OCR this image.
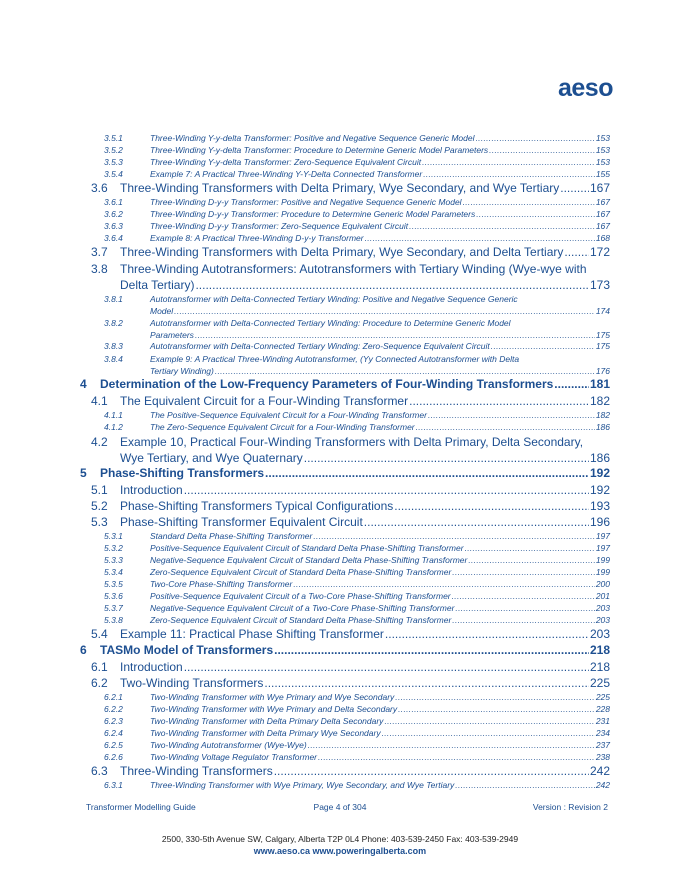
aeso
3.5.1	Three-Winding Y-y-delta Transformer: Positive and Negative Sequence Generic Model .....	153
3.5.2	Three-Winding Y-y-delta Transformer: Procedure to Determine Generic Model Parameters .....	153
3.5.3	Three-Winding Y-y-delta Transformer: Zero-Sequence Equivalent Circuit .....	153
3.5.4	Example 7: A Practical Three-Winding Y-Y-Delta Connected Transformer .....	155
3.6	Three-Winding Transformers with Delta Primary, Wye Secondary, and Wye Tertiary .....	167
3.6.1	Three-Winding D-y-y Transformer: Positive and Negative Sequence Generic Model .....	167
3.6.2	Three-Winding D-y-y Transformer: Procedure to Determine Generic Model Parameters .....	167
3.6.3	Three-Winding D-y-y Transformer: Zero-Sequence Equivalent Circuit .....	167
3.6.4	Example 8: A Practical Three-Winding D-y-y Transformer .....	168
3.7	Three-Winding Transformers with Delta Primary, Wye Secondary, and Delta Tertiary ..... 172
3.8 Three-Winding Autotransformers: Autotransformers with Tertiary Winding (Wye-wye with
Delta Tertiary) .....	173
3.8.1	Autotransformer with Delta-Connected Tertiary Winding: Positive and Negative Sequence Generic
Model .....	174
3.8.2	Autotransformer with Delta-Connected Tertiary Winding: Procedure to Determine Generic Model
Parameters .....	175
3.8.3	Autotransformer with Delta-Connected Tertiary Winding: Zero-Sequence Equivalent Circuit .....	175
3.8.4	Example 9: A Practical Three-Winding Autotransformer, (Yy Connected Autotransformer with Delta
Tertiary Winding) .....	176
4	Determination of the Low-Frequency Parameters of Four-Winding Transformers .....	181
4.1	The Equivalent Circuit for a Four-Winding Transformer .....	182
4.1.1	The Positive-Sequence Equivalent Circuit for a Four-Winding Transformer .....	182
4.1.2	The Zero-Sequence Equivalent Circuit for a Four-Winding Transformer .....	186
4.2 Example 10, Practical Four-Winding Transformers with Delta Primary, Delta Secondary,
Wye Tertiary, and Wye Quaternary .....	186
5	Phase-Shifting Transformers .....	192
5.1	Introduction .....	192
5.2	Phase-Shifting Transformers Typical Configurations .....	193
5.3	Phase-Shifting Transformer Equivalent Circuit .....	196
5.3.1	Standard Delta Phase-Shifting Transformer .....	197
5.3.2	Positive-Sequence Equivalent Circuit of Standard Delta Phase-Shifting Transformer .....	197
5.3.3	Negative-Sequence Equivalent Circuit of Standard Delta Phase-Shifting Transformer .....	199
5.3.4	Zero-Sequence Equivalent Circuit of Standard Delta Phase-Shifting Transformer .....	199
5.3.5	Two-Core Phase-Shifting Transformer .....	200
5.3.6	Positive-Sequence Equivalent Circuit of a Two-Core Phase-Shifting Transformer .....	201
5.3.7	Negative-Sequence Equivalent Circuit of a Two-Core Phase-Shifting Transformer .....	203
5.3.8	Zero-Sequence Equivalent Circuit of Standard Delta Phase-Shifting Transformer .....	203
5.4	Example 11: Practical Phase Shifting Transformer .....	203
6	TASMo Model of Transformers .....	218
6.1	Introduction .....	218
6.2	Two-Winding Transformers .....	225
6.2.1	Two-Winding Transformer with Wye Primary and Wye Secondary .....	225
6.2.2	Two-Winding Transformer with Wye Primary and Delta Secondary .....	228
6.2.3	Two-Winding Transformer with Delta Primary Delta Secondary .....	231
6.2.4	Two-Winding Transformer with Delta Primary Wye Secondary .....	234
6.2.5	Two-Winding Autotransformer (Wye-Wye) .....	237
6.2.6	Two-Winding Voltage Regulator Transformer .....	238
6.3	Three-Winding Transformers .....	242
6.3.1	Three-Winding Transformer with Wye Primary, Wye Secondary, and Wye Tertiary .....	242
Transformer Modelling Guide	Page 4 of 304	Version : Revision 2
2500, 330-5th Avenue SW, Calgary, Alberta T2P 0L4 Phone: 403-539-2450 Fax: 403-539-2949
www.aeso.ca www.poweringalberta.com
